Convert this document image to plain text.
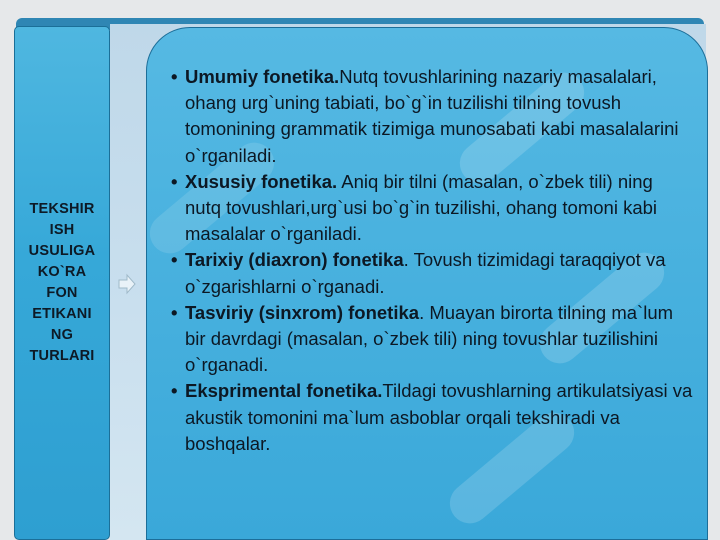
TEKSHIR
ISH
USULIGA
KO`RA
FON
ETIKANI
NG
TURLARI
• Umumiy fonetika.Nutq tovushlarining nazariy masalalari, ohang urg`uning tabiati, bo`g`in tuzilishi tilning tovush tomonining grammatik tizimiga munosabati kabi masalalarini o`rganiladi.
• Xususiy fonetika. Aniq bir tilni (masalan, o`zbek tili) ning nutq tovushlari,urg`usi bo`g`in tuzilishi, ohang tomoni kabi masalalar o`rganiladi.
• Tarixiy (diaxron) fonetika. Tovush tizimidagi taraqqiyot va o`zgarishlarni o`rganadi.
• Tasviriy (sinxrom) fonetika. Muayan birorta tilning ma`lum bir davrdagi (masalan, o`zbek tili) ning tovushlar tuzilishini o`rganadi.
• Eksprimental fonetika.Tildagi tovushlarning artikulatsiyasi va akustik tomonini ma`lum asboblar orqali tekshiradi va boshqalar.
